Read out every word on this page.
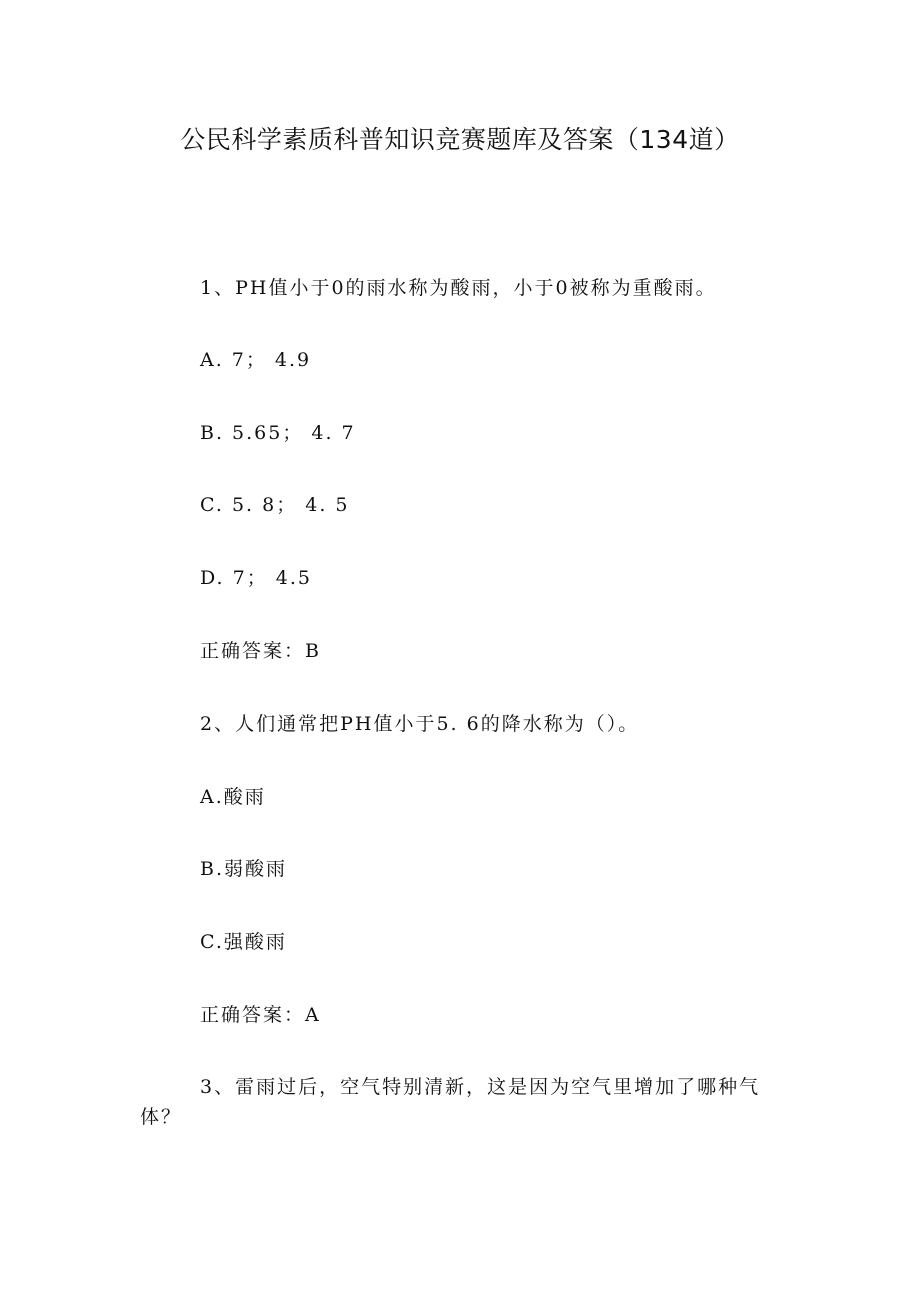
公民科学素质科普知识竞赛题库及答案（134道）
1、PH值小于0的雨水称为酸雨，小于0被称为重酸雨。
A. 7； 4.9
B. 5.65； 4. 7
C. 5. 8； 4. 5
D. 7； 4.5
正确答案：B
2、人们通常把PH值小于5. 6的降水称为（）。
A.酸雨
B.弱酸雨
C.强酸雨
正确答案：A
3、雷雨过后，空气特别清新，这是因为空气里增加了哪种气体？
